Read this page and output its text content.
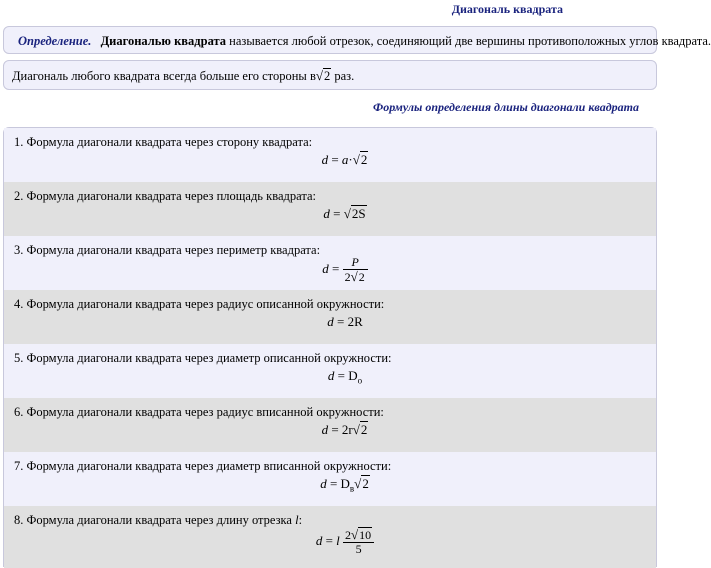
Диагональ квадрата
Определение. Диагональю квадрата называется любой отрезок, соединяющий две вершины противоположных углов квадрата.
Диагональ любого квадрата всегда больше его стороны в√2 раз.
Формулы определения длины диагонали квадрата
1. Формула диагонали квадрата через сторону квадрата:
d = a·√2
2. Формула диагонали квадрата через площадь квадрата:
d = √2S
3. Формула диагонали квадрата через периметр квадрата:
$d = \frac{P}{2√2}$
4. Формула диагонали квадрата через радиус описанной окружности:
d = 2R
5. Формула диагонали квадрата через диаметр описанной окружности:
$d = D_о$
6. Формула диагонали квадрата через радиус вписанной окружности:
d = 2r√2
7. Формула диагонали квадрата через диаметр вписанной окружности:
$d = D_в√2$
8. Формула диагонали квадрата через длину отрезка l:
d = l $\frac{2√10}{5}$
